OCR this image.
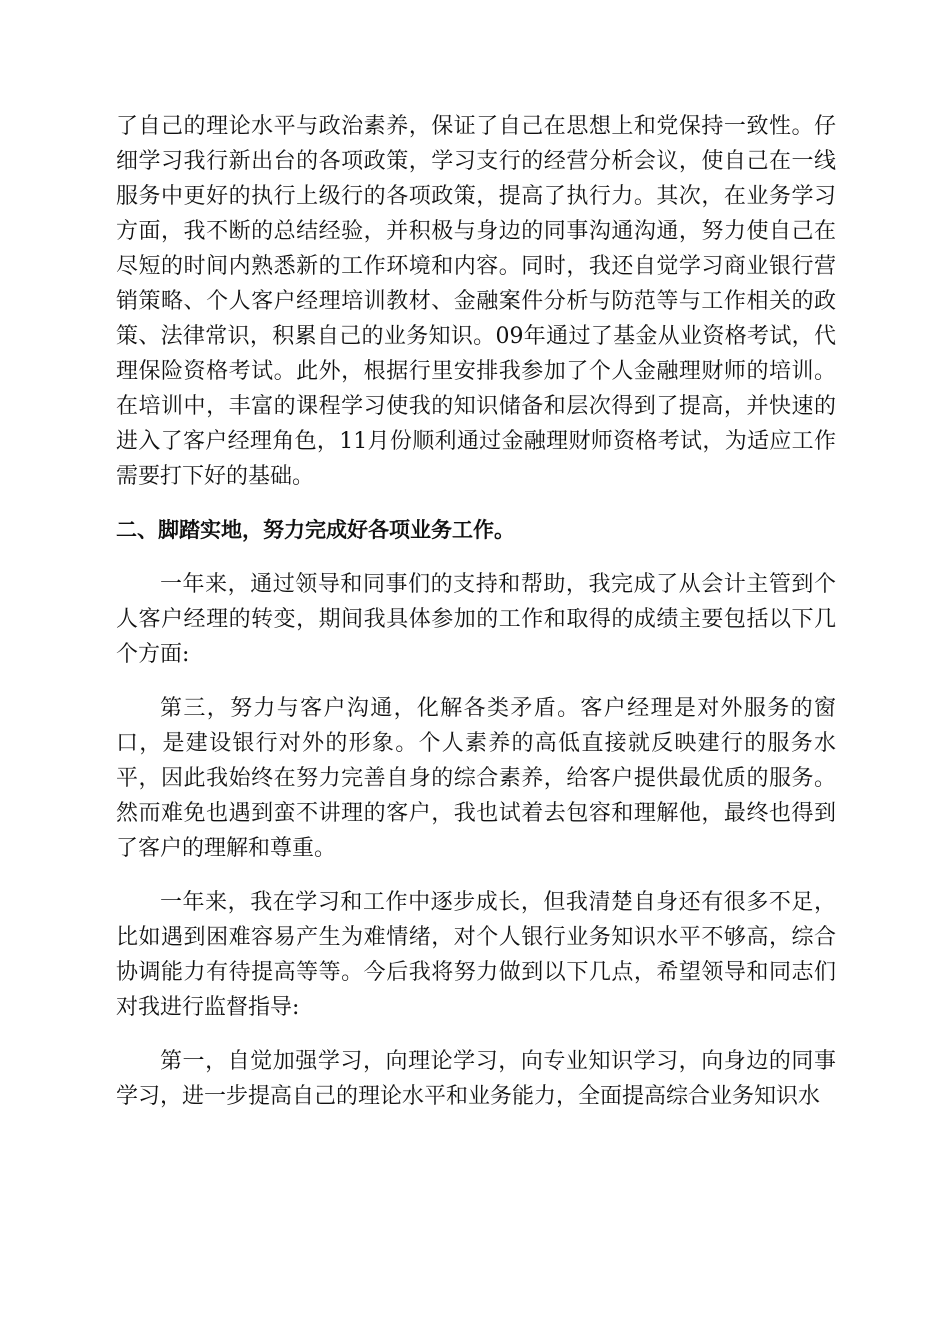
了自己的理论水平与政治素养，保证了自己在思想上和党保持一致性。仔细学习我行新出台的各项政策，学习支行的经营分析会议，使自己在一线服务中更好的执行上级行的各项政策，提高了执行力。其次，在业务学习方面，我不断的总结经验，并积极与身边的同事沟通沟通，努力使自己在尽短的时间内熟悉新的工作环境和内容。同时，我还自觉学习商业银行营销策略、个人客户经理培训教材、金融案件分析与防范等与工作相关的政策、法律常识，积累自己的业务知识。09年通过了基金从业资格考试，代理保险资格考试。此外，根据行里安排我参加了个人金融理财师的培训。在培训中，丰富的课程学习使我的知识储备和层次得到了提高，并快速的进入了客户经理角色，11月份顺利通过金融理财师资格考试，为适应工作需要打下好的基础。

二、脚踏实地，努力完成好各项业务工作。

一年来，通过领导和同事们的支持和帮助，我完成了从会计主管到个人客户经理的转变，期间我具体参加的工作和取得的成绩主要包括以下几个方面:

第三，努力与客户沟通，化解各类矛盾。客户经理是对外服务的窗口，是建设银行对外的形象。个人素养的高低直接就反映建行的服务水平，因此我始终在努力完善自身的综合素养，给客户提供最优质的服务。然而难免也遇到蛮不讲理的客户，我也试着去包容和理解他，最终也得到了客户的理解和尊重。

一年来，我在学习和工作中逐步成长，但我清楚自身还有很多不足，比如遇到困难容易产生为难情绪，对个人银行业务知识水平不够高，综合协调能力有待提高等等。今后我将努力做到以下几点，希望领导和同志们对我进行监督指导:

第一，自觉加强学习，向理论学习，向专业知识学习，向身边的同事学习，进一步提高自己的理论水平和业务能力，全面提高综合业务知识水
